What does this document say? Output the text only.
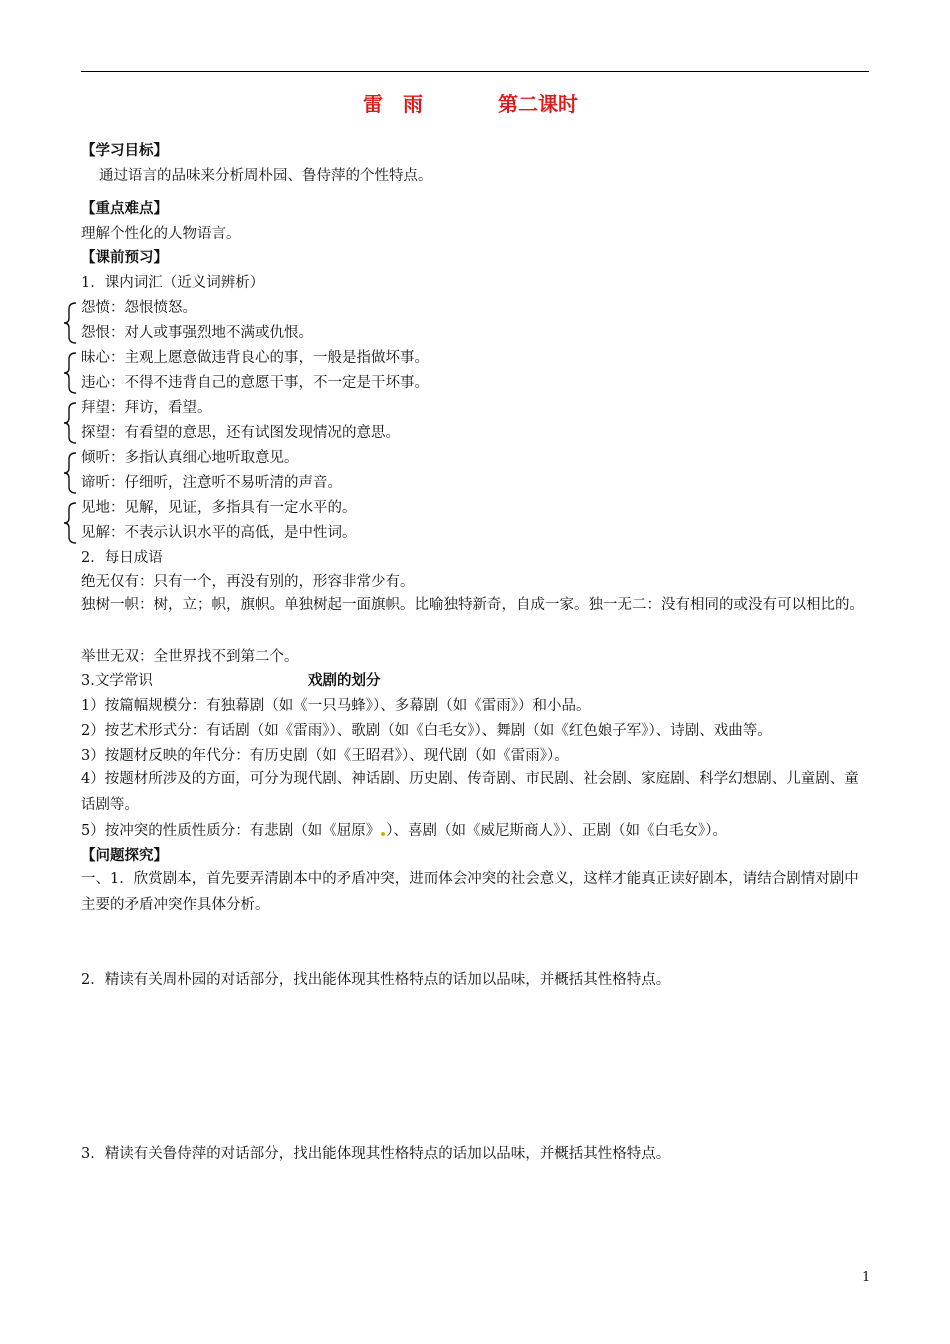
雷　雨	第二课时
【学习目标】
通过语言的品味来分析周朴园、鲁侍萍的个性特点。
【重点难点】
理解个性化的人物语言。
【课前预习】
1．课内词汇（近义词辨析）
怨愤：怨恨愤怒。
怨恨：对人或事强烈地不满或仇恨。
昧心：主观上愿意做违背良心的事，一般是指做坏事。
违心：不得不违背自己的意愿干事，不一定是干坏事。
拜望：拜访，看望。
探望：有看望的意思，还有试图发现情况的意思。
倾听：多指认真细心地听取意见。
谛听：仔细听，注意听不易听清的声音。
见地：见解，见证，多指具有一定水平的。
见解：不表示认识水平的高低，是中性词。
2．每日成语
绝无仅有：只有一个，再没有别的，形容非常少有。
独树一帜：树，立；帜，旗帜。单独树起一面旗帜。比喻独特新奇，自成一家。独一无二：没有相同的或没有可以相比的。
举世无双：全世界找不到第二个。
3.文学常识	戏剧的划分
1）按篇幅规模分：有独幕剧（如《一只马蜂》）、多幕剧（如《雷雨》）和小品。
2）按艺术形式分：有话剧（如《雷雨》）、歌剧（如《白毛女》）、舞剧（如《红色娘子军》）、诗剧、戏曲等。
3）按题材反映的年代分：有历史剧（如《王昭君》）、现代剧（如《雷雨》）。
4）按题材所涉及的方面，可分为现代剧、神话剧、历史剧、传奇剧、市民剧、社会剧、家庭剧、科学幻想剧、儿童剧、童话剧等。
5）按冲突的性质性质分：有悲剧（如《屈原》 ）、喜剧（如《威尼斯商人》）、正剧（如《白毛女》）。
【问题探究】
一、1．欣赏剧本，首先要弄清剧本中的矛盾冲突，进而体会冲突的社会意义，这样才能真正读好剧本，请结合剧情对剧中主要的矛盾冲突作具体分析。
2．精读有关周朴园的对话部分，找出能体现其性格特点的话加以品味，并概括其性格特点。
3．精读有关鲁侍萍的对话部分，找出能体现其性格特点的话加以品味，并概括其性格特点。
1
